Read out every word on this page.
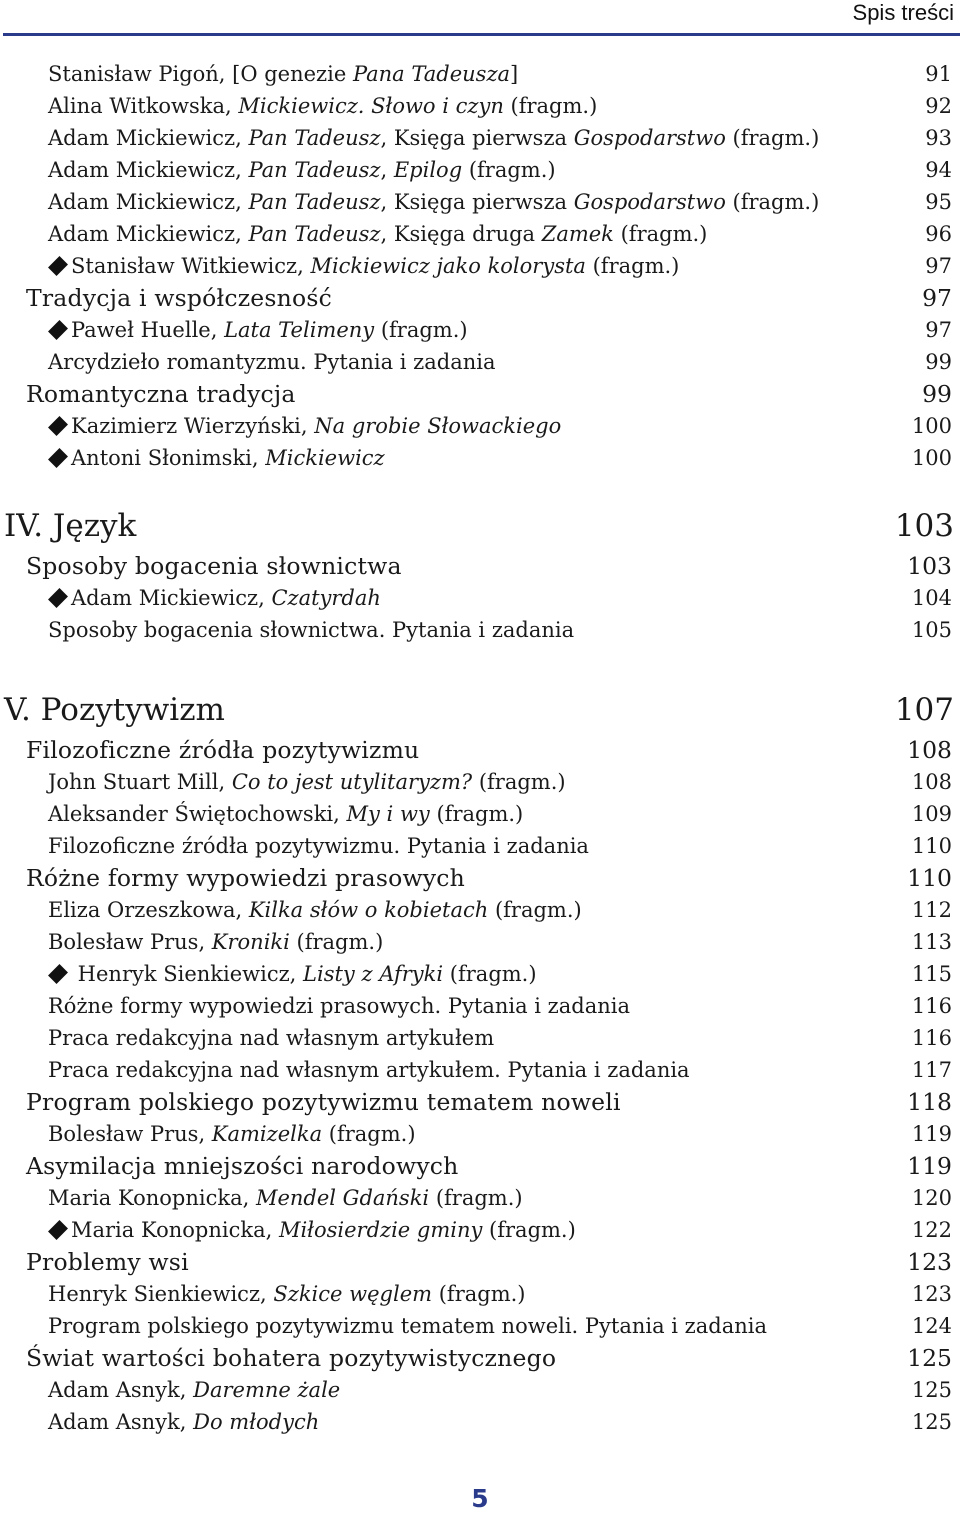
Spis treści
Stanisław Pigoń, [O genezie Pana Tadeusza]	91
Alina Witkowska, Mickiewicz. Słowo i czyn (fragm.)	92
Adam Mickiewicz, Pan Tadeusz, Księga pierwsza Gospodarstwo (fragm.)	93
Adam Mickiewicz, Pan Tadeusz, Epilog (fragm.)	94
Adam Mickiewicz, Pan Tadeusz, Księga pierwsza Gospodarstwo (fragm.)	95
Adam Mickiewicz, Pan Tadeusz, Księga druga Zamek (fragm.)	96
Stanisław Witkiewicz, Mickiewicz jako kolorysta (fragm.)	97
Tradycja i współczesność	97
Paweł Huelle, Lata Telimeny (fragm.)	97
Arcydzieło romantyzmu. Pytania i zadania	99
Romantyczna tradycja	99
Kazimierz Wierzyński, Na grobie Słowackiego	100
Antoni Słonimski, Mickiewicz	100
IV. Język	103
Sposoby bogacenia słownictwa	103
Adam Mickiewicz, Czatyrdah	104
Sposoby bogacenia słownictwa. Pytania i zadania	105
V. Pozytywizm	107
Filozoficzne źródła pozytywizmu	108
John Stuart Mill, Co to jest utylitaryzm? (fragm.)	108
Aleksander Świętochowski, My i wy (fragm.)	109
Filozoficzne źródła pozytywizmu. Pytania i zadania	110
Różne formy wypowiedzi prasowych	110
Eliza Orzeszkowa, Kilka słów o kobietach (fragm.)	112
Bolesław Prus, Kroniki (fragm.)	113
Henryk Sienkiewicz, Listy z Afryki (fragm.)	115
Różne formy wypowiedzi prasowych. Pytania i zadania	116
Praca redakcyjna nad własnym artykułem	116
Praca redakcyjna nad własnym artykułem. Pytania i zadania	117
Program polskiego pozytywizmu tematem noweli	118
Bolesław Prus, Kamizelka (fragm.)	119
Asymilacja mniejszości narodowych	119
Maria Konopnicka, Mendel Gdański (fragm.)	120
Maria Konopnicka, Miłosierdzie gminy (fragm.)	122
Problemy wsi	123
Henryk Sienkiewicz, Szkice węglem (fragm.)	123
Program polskiego pozytywizmu tematem noweli. Pytania i zadania	124
Świat wartości bohatera pozytywistycznego	125
Adam Asnyk, Daremne żale	125
Adam Asnyk, Do młodych	125
5
